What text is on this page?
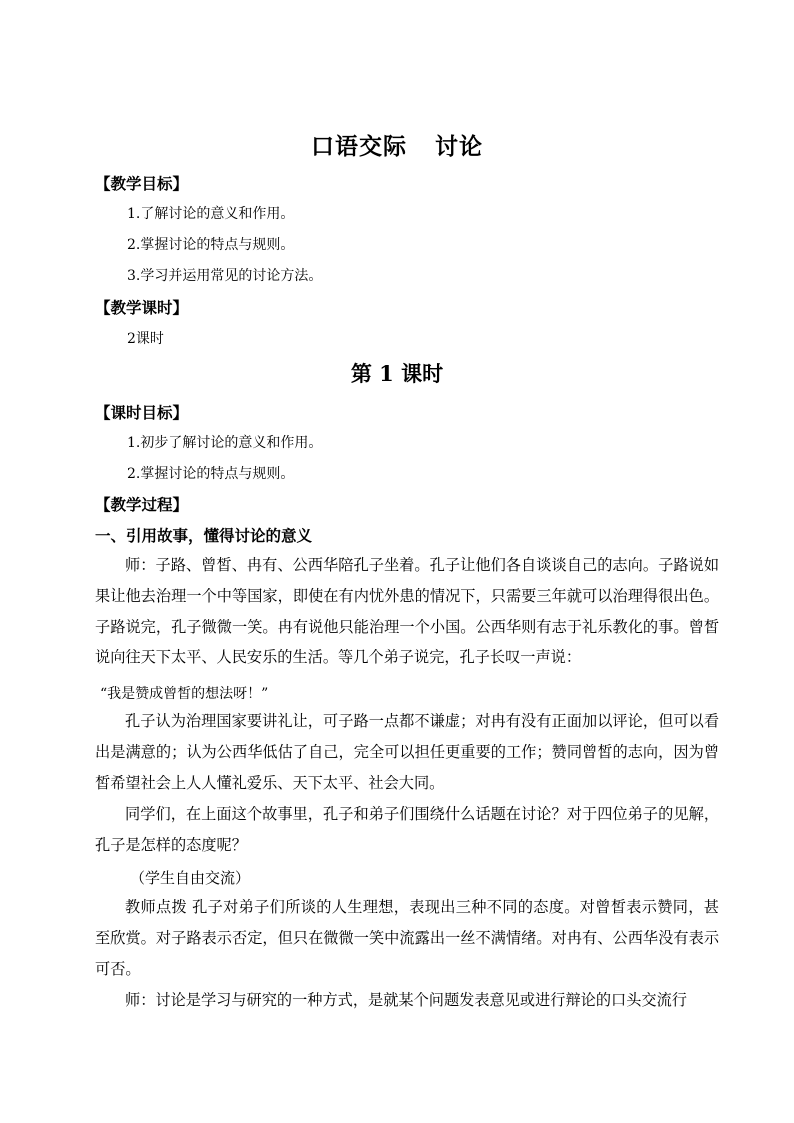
口语交际 讨论
【教学目标】
1.了解讨论的意义和作用。
2.掌握讨论的特点与规则。
3.学习并运用常见的讨论方法。
【教学课时】
2课时
第 1 课时
【课时目标】
1.初步了解讨论的意义和作用。
2.掌握讨论的特点与规则。
【教学过程】
一、引用故事，懂得讨论的意义
师：子路、曾皙、冉有、公西华陪孔子坐着。孔子让他们各自谈谈自己的志向。子路说如果让他去治理一个中等国家，即使在有内忧外患的情况下，只需要三年就可以治理得很出色。子路说完，孔子微微一笑。冉有说他只能治理一个小国。公西华则有志于礼乐教化的事。曾皙说向往天下太平、人民安乐的生活。等几个弟子说完，孔子长叹一声说：
“我是赞成曾皙的想法呀！”
孔子认为治理国家要讲礼让，可子路一点都不谦虚；对冉有没有正面加以评论，但可以看出是满意的；认为公西华低估了自己，完全可以担任更重要的工作；赞同曾皙的志向，因为曾皙希望社会上人人懂礼爱乐、天下太平、社会大同。
同学们，在上面这个故事里，孔子和弟子们围绕什么话题在讨论？对于四位弟子的见解，孔子是怎样的态度呢？
（学生自由交流）
教师点拨 孔子对弟子们所谈的人生理想，表现出三种不同的态度。对曾皙表示赞同，甚至欣赏。对子路表示否定，但只在微微一笑中流露出一丝不满情绪。对冉有、公西华没有表示可否。
师：讨论是学习与研究的一种方式，是就某个问题发表意见或进行辩论的口头交流行
